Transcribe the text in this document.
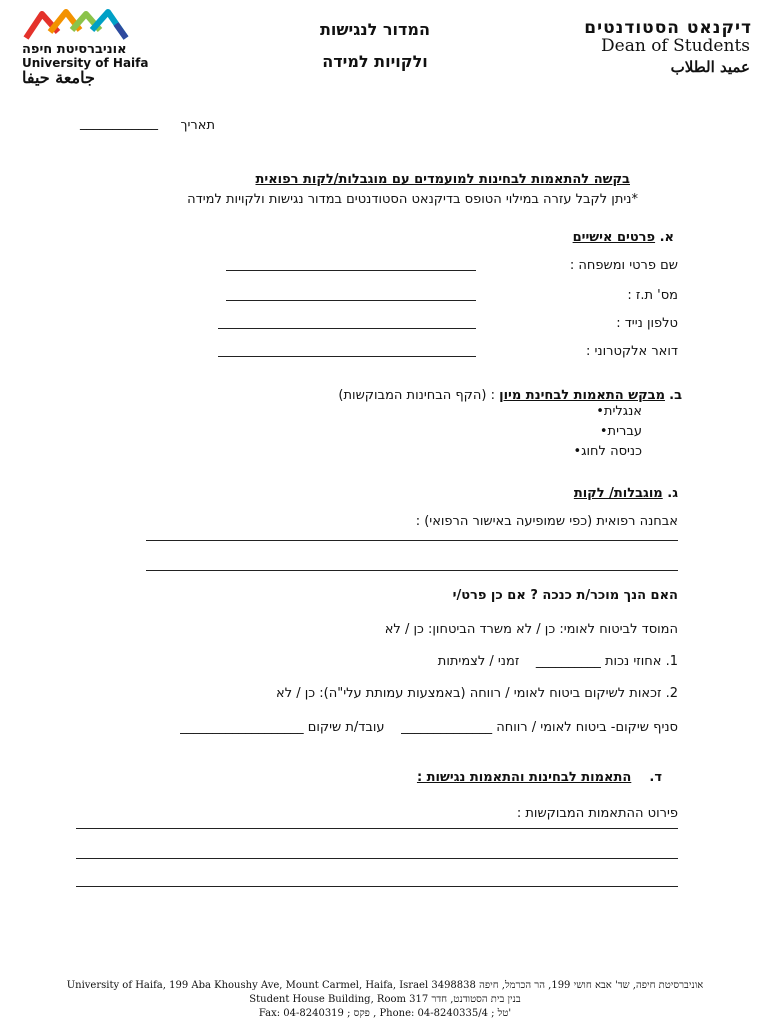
דיקנאט הסטודנטים
Dean of Students
عميد الطلاب
המדור לנגישות
ולקויות למידה
אוניברסיטת חיפה
University of Haifa
جامعة حيفا
תאריך
____________
בקשה להתאמות לבחינות למועמדים עם מוגבלות/לקות רפואית
*ניתן לקבל עזרה במילוי הטופס בדיקנאט הסטודנטים במדור נגישות ולקויות למידה
א. פרטים אישיים
שם פרטי ומשפחה :
מס' ת.ז :
טלפון נייד :
דואר אלקטרוני :
ב. מבקש התאמות לבחינת מיון : (הקף הבחינות המבוקשות)
אנגלית •
עברית •
כניסה לחוג •
ג. מוגבלות/ לקות
אבחנה רפואית (כפי שמופיעה באישור הרפואי) :
האם הנך מוכר/ת כנכה ? אם כן פרט/י
המוסד לביטוח לאומי: כן / לא משרד הביטחון: כן / לא
1. אחוזי נכות __________    זמני / לצמיתות
2. זכאות לשיקום ביטוח לאומי / רווחה (באמצעות עמותת עלי"ה): כן / לא
סניף שיקום- ביטוח לאומי / רווחה ______________    עובד/ת שיקום ___________________
ד.    התאמות לבחינות והתאמות נגישות :
פירוט ההתאמות המבוקשות :
University of Haifa, 199 Aba Khoushy Ave, Mount Carmel, Haifa, Israel 3498838 אוניברסיטת חיפה, שד' אבא חושי 199, הר הכרמל, חיפה
Student House Building, Room 317 בנין בית הסטודנט, חדר
Fax: 04-8240319 ; פקס , Phone: 04-8240335/4 ; טל'
